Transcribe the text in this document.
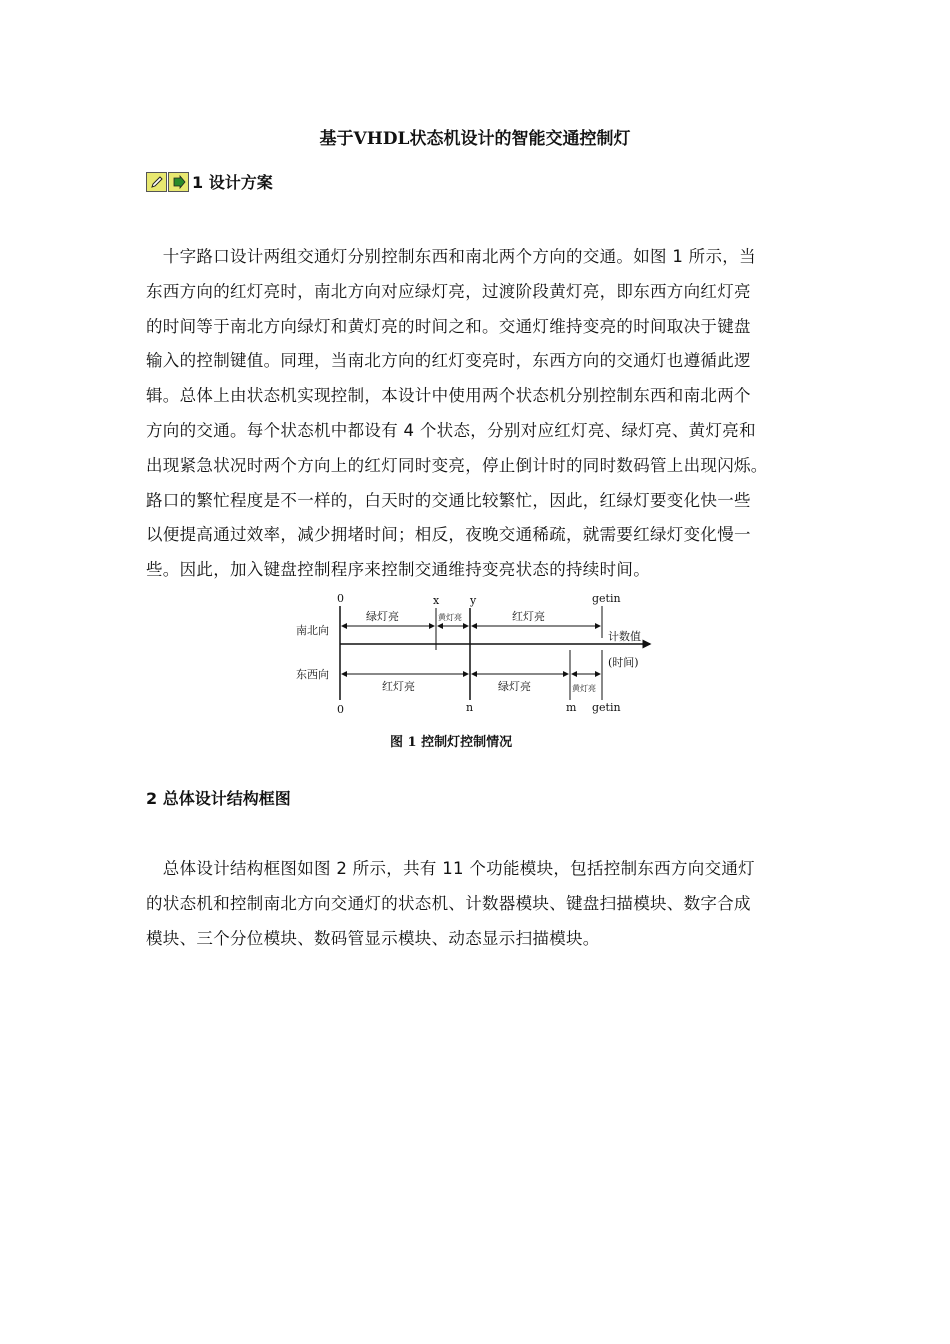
基于VHDL状态机设计的智能交通控制灯
1 设计方案
　十字路口设计两组交通灯分别控制东西和南北两个方向的交通。如图 1 所示，当
东西方向的红灯亮时，南北方向对应绿灯亮，过渡阶段黄灯亮，即东西方向红灯亮
的时间等于南北方向绿灯和黄灯亮的时间之和。交通灯维持变亮的时间取决于键盘
输入的控制键值。同理，当南北方向的红灯变亮时，东西方向的交通灯也遵循此逻
辑。总体上由状态机实现控制，本设计中使用两个状态机分别控制东西和南北两个
方向的交通。每个状态机中都设有 4 个状态，分别对应红灯亮、绿灯亮、黄灯亮和
出现紧急状况时两个方向上的红灯同时变亮，停止倒计时的同时数码管上出现闪烁。
路口的繁忙程度是不一样的，白天时的交通比较繁忙，因此，红绿灯要变化快一些
以便提高通过效率，减少拥堵时间；相反，夜晚交通稀疏，就需要红绿灯变化慢一
些。因此，加入键盘控制程序来控制交通维持变亮状态的持续时间。
0	x	y	getin
南北向
绿灯亮	黄灯亮	红灯亮
计数值
(时间)
东西向
红灯亮	绿灯亮	黄灯亮
0	n	m getin
图 1 控制灯控制情况
2 总体设计结构框图
　总体设计结构框图如图 2 所示，共有 11 个功能模块，包括控制东西方向交通灯
的状态机和控制南北方向交通灯的状态机、计数器模块、键盘扫描模块、数字合成
模块、三个分位模块、数码管显示模块、动态显示扫描模块。
